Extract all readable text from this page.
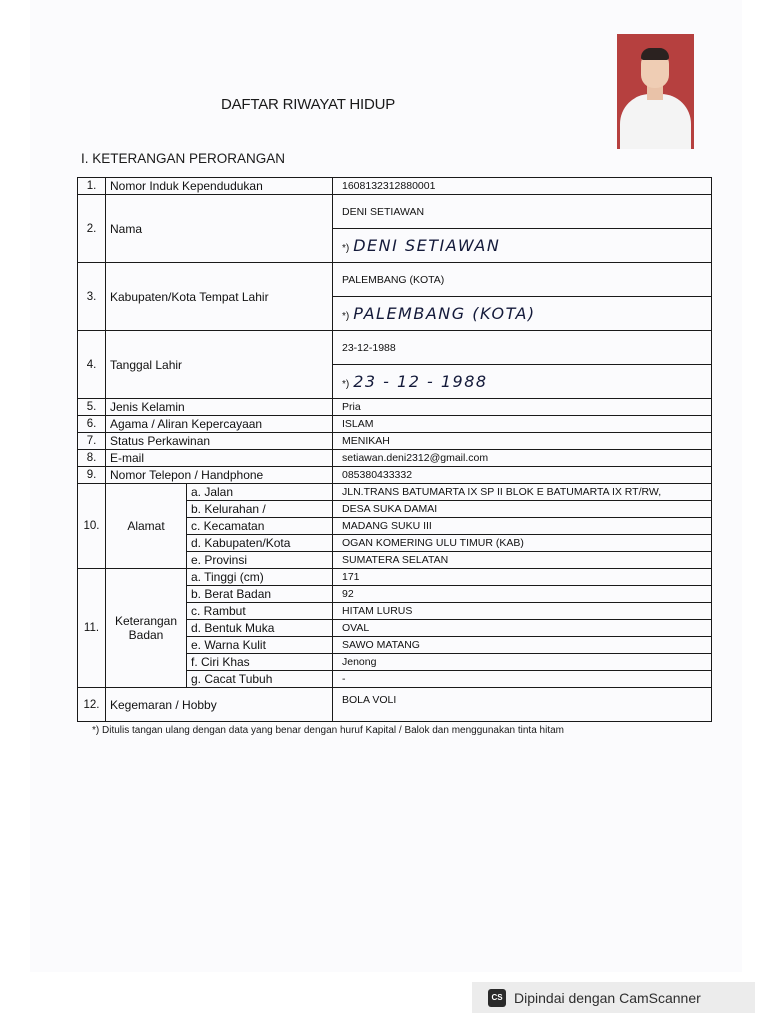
DAFTAR RIWAYAT HIDUP
I. KETERANGAN PERORANGAN
1.	Nomor Induk Kependudukan		1608132312880001
2.	Nama		DENI SETIAWAN
			*) DENI SETIAWAN
3.	Kabupaten/Kota Tempat Lahir		PALEMBANG (KOTA)
			*) PALEMBANG (KOTA)
4.	Tanggal Lahir		23-12-1988
			*) 23 - 12 - 1988
5.	Jenis Kelamin		Pria
6.	Agama / Aliran Kepercayaan		ISLAM
7.	Status Perkawinan		MENIKAH
8.	E-mail		setiawan.deni2312@gmail.com
9.	Nomor Telepon / Handphone		085380433332
10.	Alamat	a. Jalan	JLN.TRANS BATUMARTA IX SP II BLOK E BATUMARTA IX RT/RW,
		b. Kelurahan /	DESA SUKA DAMAI
		c. Kecamatan	MADANG SUKU III
		d. Kabupaten/Kota	OGAN KOMERING ULU TIMUR (KAB)
		e. Provinsi	SUMATERA SELATAN
11.	Keterangan Badan	a. Tinggi (cm)	171
		b. Berat Badan	92
		c. Rambut	HITAM LURUS
		d. Bentuk Muka	OVAL
		e. Warna Kulit	SAWO MATANG
		f. Ciri Khas	Jenong
		g. Cacat Tubuh	-
12.	Kegemaran / Hobby		BOLA VOLI
*) Ditulis tangan ulang dengan data yang benar dengan huruf Kapital / Balok dan menggunakan tinta hitam
CS Dipindai dengan CamScanner
